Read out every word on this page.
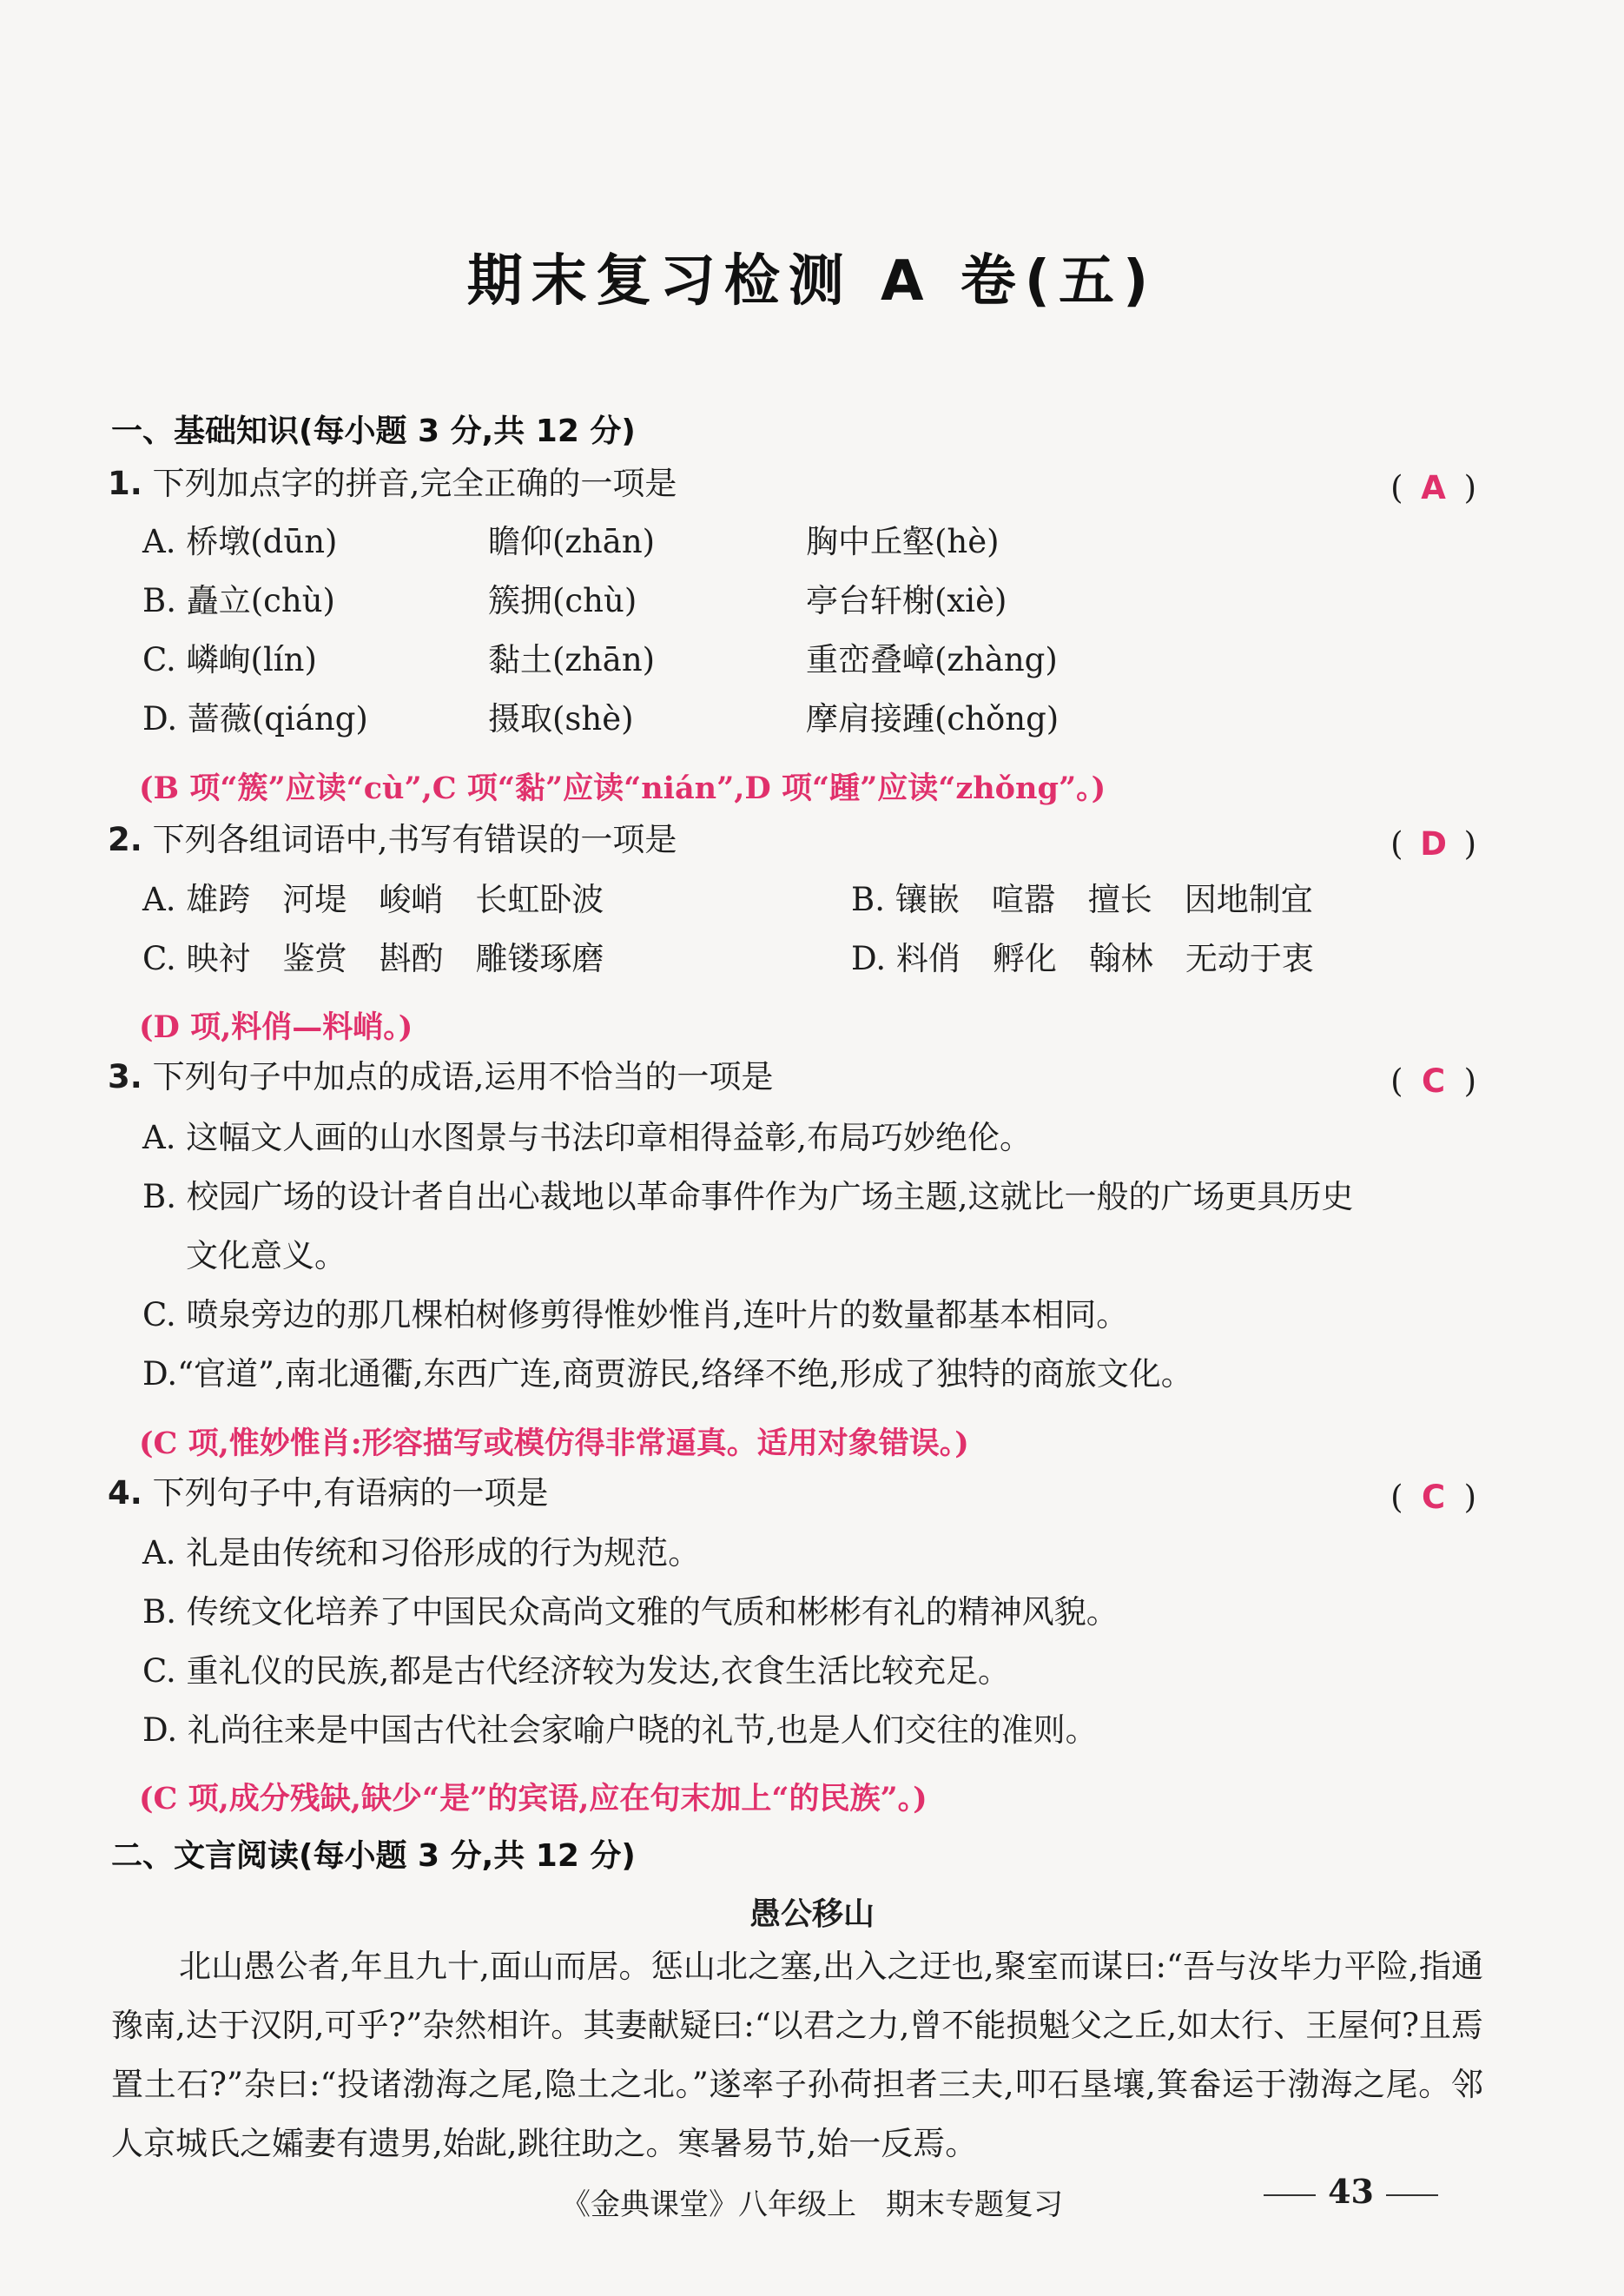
期末复习检测 A 卷(五)
一、基础知识(每小题 3 分,共 12 分)
1. 下列加点字的拼音,完全正确的一项是	( A )
A. 桥墩(dūn)	瞻仰(zhān)	胸中丘壑(hè)
B. 矗立(chù)	簇拥(chù)	亭台轩榭(xiè)
C. 嶙峋(lín)	黏土(zhān)	重峦叠嶂(zhàng)
D. 蔷薇(qiáng)	摄取(shè)	摩肩接踵(chǒng)
(B 项“簇”应读“cù”,C 项“黏”应读“nián”,D 项“踵”应读“zhǒng”。)
2. 下列各组词语中,书写有错误的一项是	( D )
A. 雄跨　河堤　峻峭　长虹卧波	B. 镶嵌　喧嚣　擅长　因地制宜
C. 映衬　鉴赏　斟酌　雕镂琢磨	D. 料俏　孵化　翰林　无动于衷
(D 项,料俏—料峭。)
3. 下列句子中加点的成语,运用不恰当的一项是	( C )
A. 这幅文人画的山水图景与书法印章相得益彰,布局巧妙绝伦。
B. 校园广场的设计者自出心裁地以革命事件作为广场主题,这就比一般的广场更具历史
文化意义。
C. 喷泉旁边的那几棵柏树修剪得惟妙惟肖,连叶片的数量都基本相同。
D.“官道”,南北通衢,东西广连,商贾游民,络绎不绝,形成了独特的商旅文化。
(C 项,惟妙惟肖:形容描写或模仿得非常逼真。适用对象错误。)
4. 下列句子中,有语病的一项是	( C )
A. 礼是由传统和习俗形成的行为规范。
B. 传统文化培养了中国民众高尚文雅的气质和彬彬有礼的精神风貌。
C. 重礼仪的民族,都是古代经济较为发达,衣食生活比较充足。
D. 礼尚往来是中国古代社会家喻户晓的礼节,也是人们交往的准则。
(C 项,成分残缺,缺少“是”的宾语,应在句末加上“的民族”。)
二、文言阅读(每小题 3 分,共 12 分)
愚公移山
北山愚公者,年且九十,面山而居。惩山北之塞,出入之迂也,聚室而谋曰:“吾与汝毕力平险,指通豫南,达于汉阴,可乎?”杂然相许。其妻献疑曰:“以君之力,曾不能损魁父之丘,如太行、王屋何?且焉置土石?”杂曰:“投诸渤海之尾,隐土之北。”遂率子孙荷担者三夫,叩石垦壤,箕畚运于渤海之尾。邻人京城氏之孀妻有遗男,始龀,跳往助之。寒暑易节,始一反焉。
《金典课堂》八年级上　期末专题复习	43
